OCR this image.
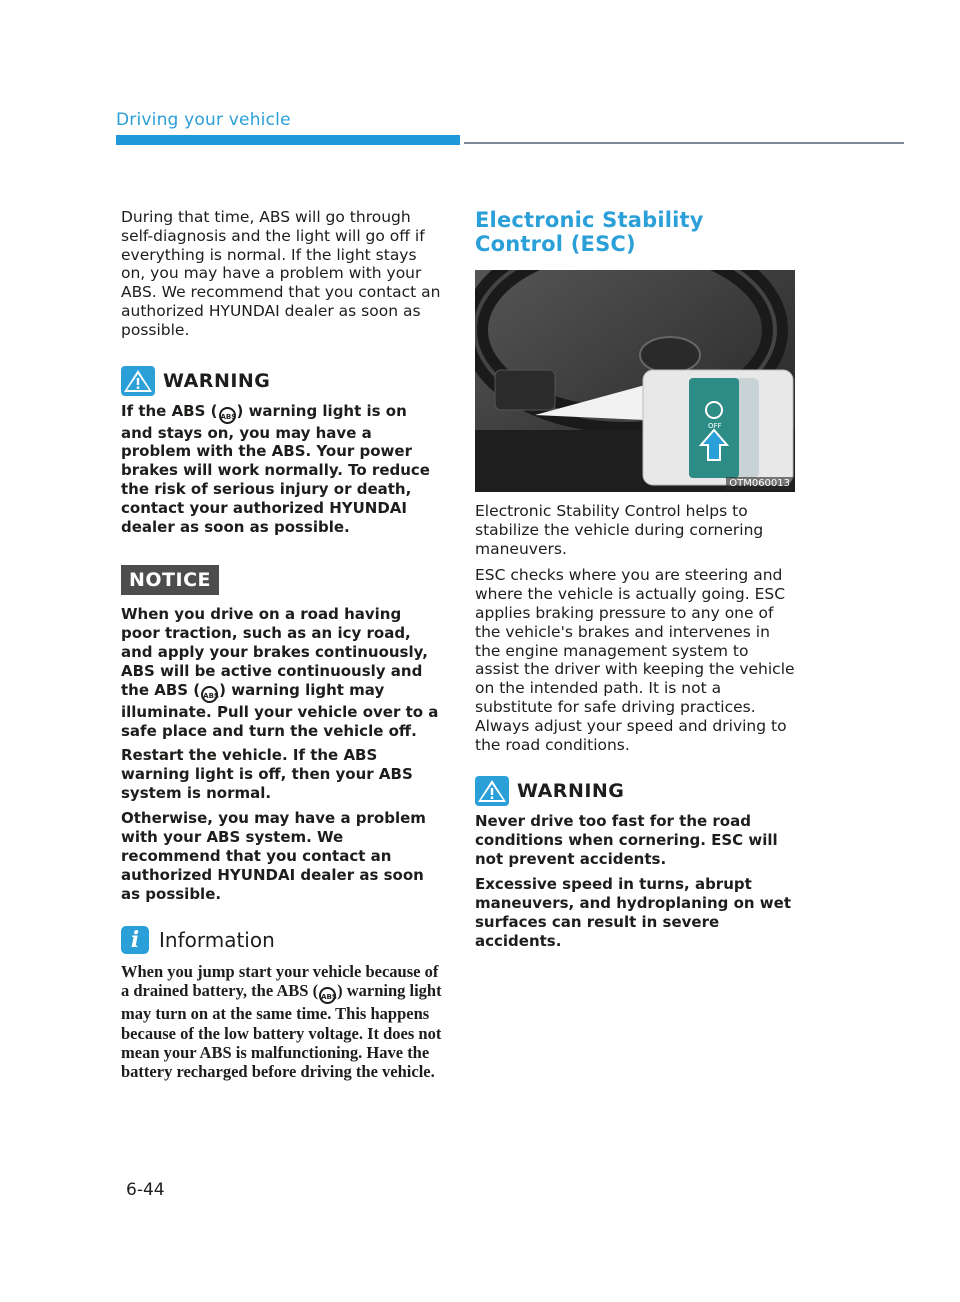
Driving your vehicle

During that time, ABS will go through self-diagnosis and the light will go off if everything is normal. If the light stays on, you may have a problem with your ABS. We recommend that you contact an authorized HYUNDAI dealer as soon as possible.

WARNING

If the ABS ( ABS) warning light is on and stays on, you may have a problem with the ABS. Your power brakes will work normally. To reduce the risk of serious injury or death, contact your authorized HYUNDAI dealer as soon as possible.

NOTICE

When you drive on a road having poor traction, such as an icy road, and apply your brakes continuously, ABS will be active continuously and the ABS ( ABS) warning light may illuminate. Pull your vehicle over to a safe place and turn the vehicle off.

Restart the vehicle. If the ABS warning light is off, then your ABS system is normal.

Otherwise, you may have a problem with your ABS system. We recommend that you contact an authorized HYUNDAI dealer as soon as possible.

i Information
When you jump start your vehicle because of a drained battery, the ABS ( ABS) warning light may turn on at the same time. This happens because of the low battery voltage. It does not mean your ABS is malfunctioning. Have the battery recharged before driving the vehicle.
Electronic Stability Control (ESC)
OFF
OTM060013

Electronic Stability Control helps to stabilize the vehicle during cornering maneuvers.

ESC checks where you are steering and where the vehicle is actually going. ESC applies braking pressure to any one of the vehicle's brakes and intervenes in the engine management system to assist the driver with keeping the vehicle on the intended path. It is not a substitute for safe driving practices. Always adjust your speed and driving to the road conditions.

WARNING

Never drive too fast for the road conditions when cornering. ESC will not prevent accidents.

Excessive speed in turns, abrupt maneuvers, and hydroplaning on wet surfaces can result in severe accidents.

6-44
